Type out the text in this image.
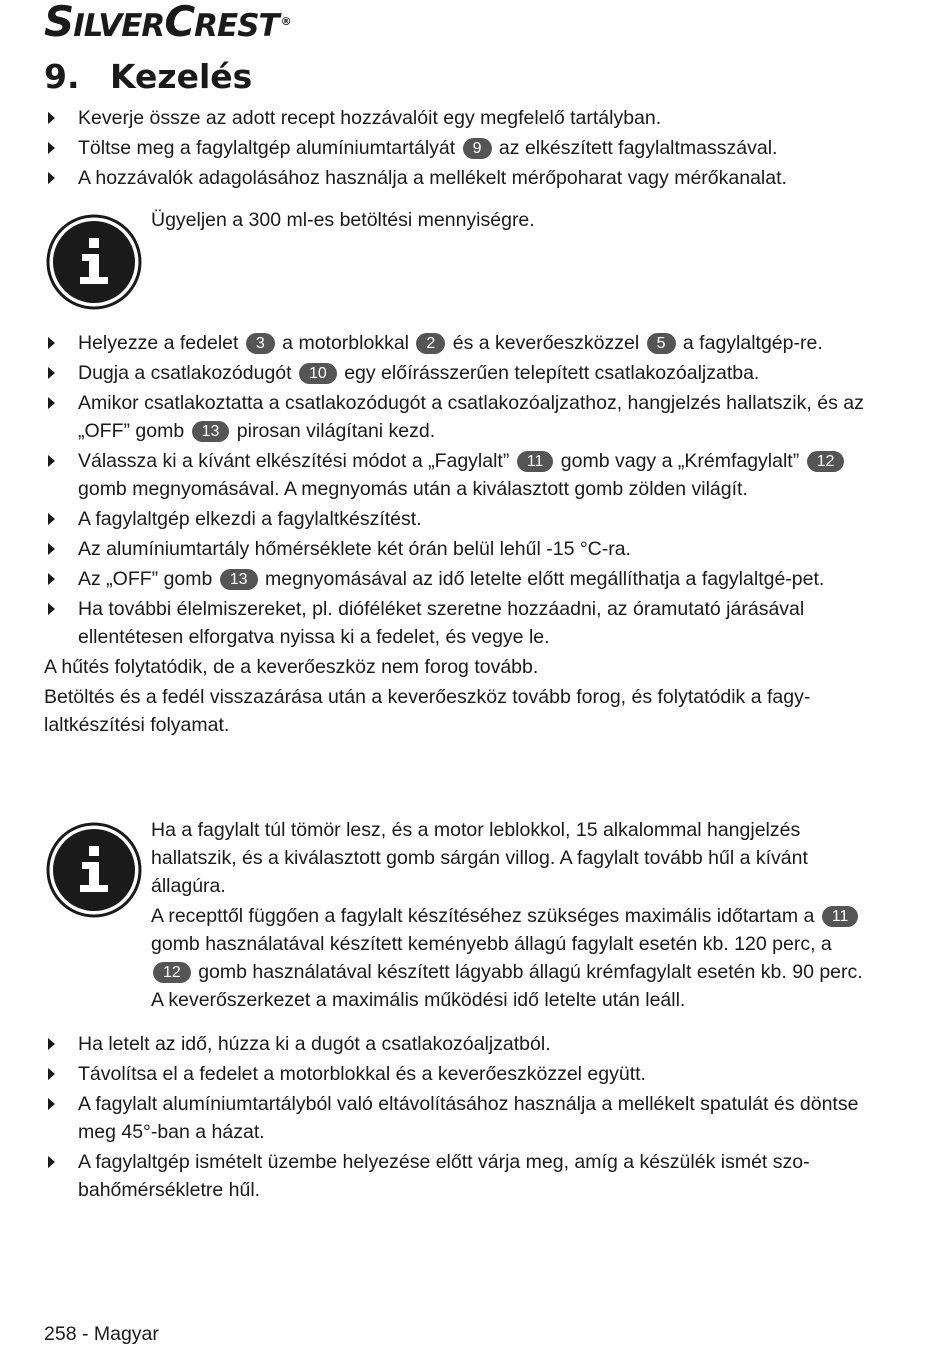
SILVERCREST ®
9. Kezelés
Keverje össze az adott recept hozzávalóit egy megfelelő tartályban.
Töltse meg a fagylaltgép alumíniumtartályát 9 az elkészített fagylaltmasszával.
A hozzávalók adagolásához használja a mellékelt mérőpoharat vagy mérőkanalat.

Ügyeljen a 300 ml-es betöltési mennyiségre.

Helyezze a fedelet 3 a motorblokkal 2 és a keverőeszközzel 5 a fagylaltgép-re.
Dugja a csatlakozódugót 10 egy előírásszerűen telepített csatlakozóaljzatba.
Amikor csatlakoztatta a csatlakozódugót a csatlakozóaljzathoz, hangjelzés hallatszik, és az „OFF” gomb 13 pirosan világítani kezd.
Válassza ki a kívánt elkészítési módot a „Fagylalt” 11 gomb vagy a „Krémfagylalt” 12 gomb megnyomásával. A megnyomás után a kiválasztott gomb zölden világít.
A fagylaltgép elkezdi a fagylaltkészítést.
Az alumíniumtartály hőmérséklete két órán belül lehűl -15 °C-ra.
Az „OFF” gomb 13 megnyomásával az idő letelte előtt megállíthatja a fagylaltgé-pet.
Ha további élelmiszereket, pl. dióféléket szeretne hozzáadni, az óramutató járásával ellentétesen elforgatva nyissa ki a fedelet, és vegye le.

A hűtés folytatódik, de a keverőeszköz nem forog tovább.

Betöltés és a fedél visszazárása után a keverőeszköz tovább forog, és folytatódik a fagy-laltkészítési folyamat.

Ha a fagylalt túl tömör lesz, és a motor leblokkol, 15 alkalommal hangjelzés hallatszik, és a kiválasztott gomb sárgán villog. A fagylalt tovább hűl a kívánt állagúra.

A recepttől függően a fagylalt készítéséhez szükséges maximális időtartam a 11 gomb használatával készített keményebb állagú fagylalt esetén kb. 120 perc, a 12 gomb használatával készített lágyabb állagú krémfagylalt esetén kb. 90 perc. A keverőszerkezet a maximális működési idő letelte után leáll.

Ha letelt az idő, húzza ki a dugót a csatlakozóaljzatból.
Távolítsa el a fedelet a motorblokkal és a keverőeszközzel együtt.
A fagylalt alumíniumtartályból való eltávolításához használja a mellékelt spatulát és döntse meg 45°-ban a házat.
A fagylaltgép ismételt üzembe helyezése előtt várja meg, amíg a készülék ismét szo-bahőmérsékletre hűl.
258 - Magyar
